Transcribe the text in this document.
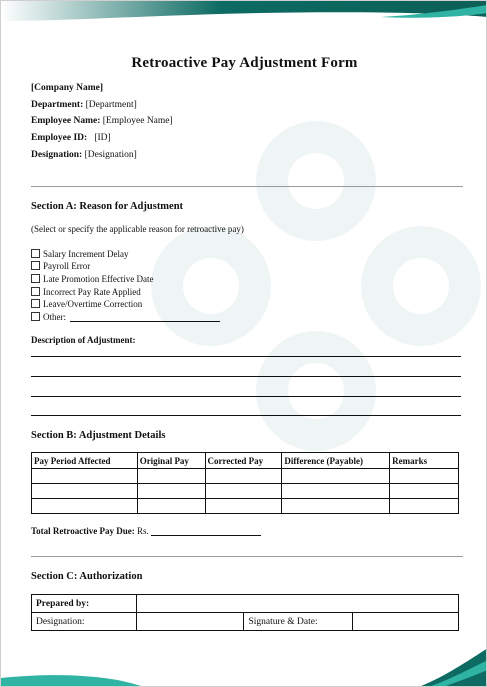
Retroactive Pay Adjustment Form
[Company Name]
Department: [Department]
Employee Name: [Employee Name]
Employee ID: [ID]
Designation: [Designation]
Section A: Reason for Adjustment
(Select or specify the applicable reason for retroactive pay)
Salary Increment Delay
Payroll Error
Late Promotion Effective Date
Incorrect Pay Rate Applied
Leave/Overtime Correction
Other:
Description of Adjustment:
Section B: Adjustment Details
Pay Period Affected	Original Pay	Corrected Pay	Difference (Payable)	Remarks

Total Retroactive Pay Due: Rs.
Section C: Authorization
Prepared by:			
Designation:		Signature & Date:	
